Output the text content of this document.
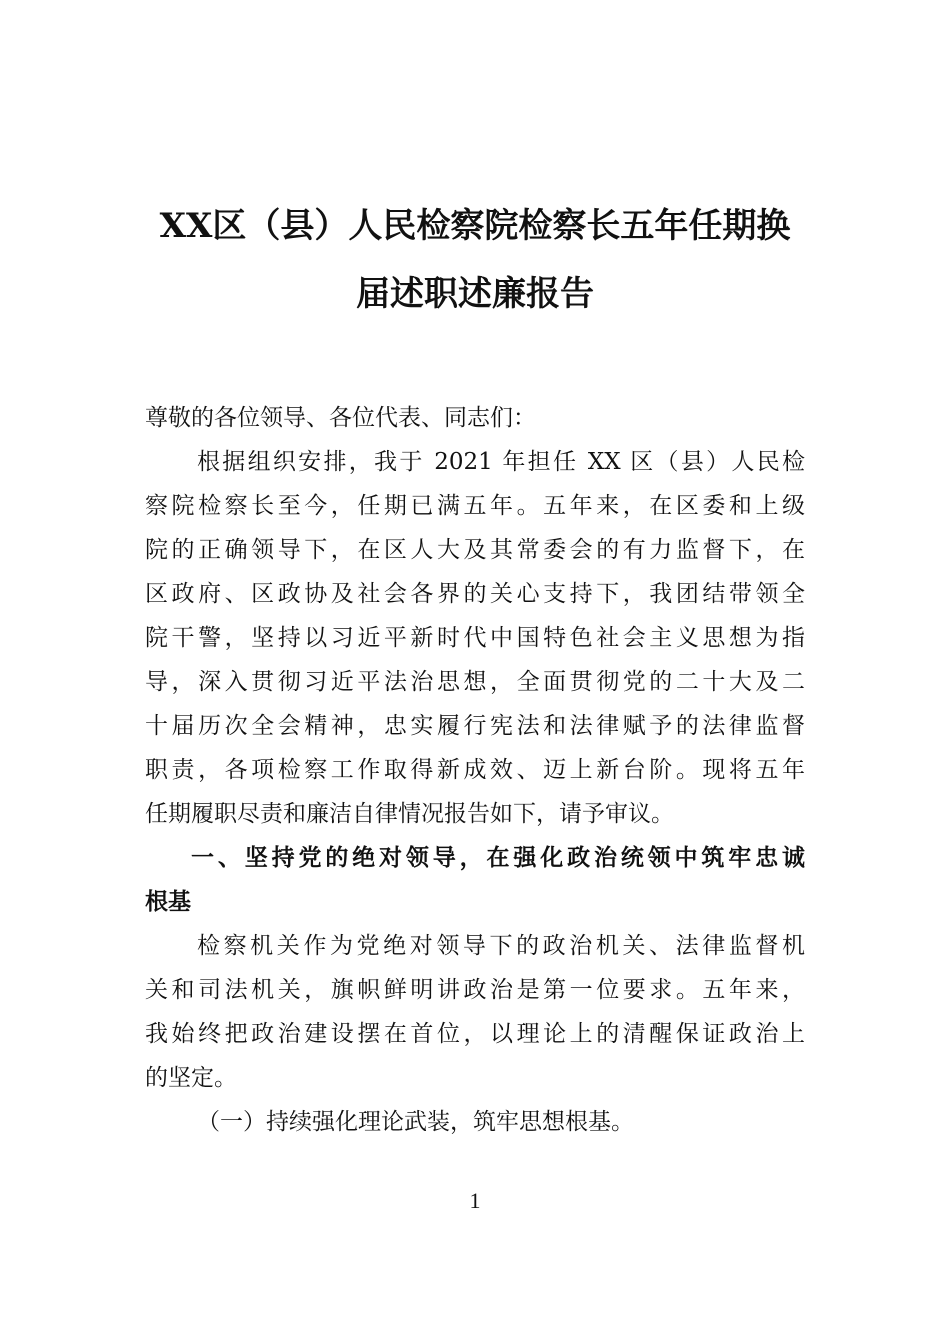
XX区（县）人民检察院检察长五年任期换
届述职述廉报告
尊敬的各位领导、各位代表、同志们：
根据组织安排，我于 2021 年担任 XX 区（县）人民检
察院检察长至今，任期已满五年。五年来，在区委和上级
院的正确领导下，在区人大及其常委会的有力监督下，在
区政府、区政协及社会各界的关心支持下，我团结带领全
院干警，坚持以习近平新时代中国特色社会主义思想为指
导，深入贯彻习近平法治思想，全面贯彻党的二十大及二
十届历次全会精神，忠实履行宪法和法律赋予的法律监督
职责，各项检察工作取得新成效、迈上新台阶。现将五年
任期履职尽责和廉洁自律情况报告如下，请予审议。
一、坚持党的绝对领导，在强化政治统领中筑牢忠诚
根基
检察机关作为党绝对领导下的政治机关、法律监督机
关和司法机关，旗帜鲜明讲政治是第一位要求。五年来，
我始终把政治建设摆在首位，以理论上的清醒保证政治上
的坚定。
（一）持续强化理论武装，筑牢思想根基。
1
